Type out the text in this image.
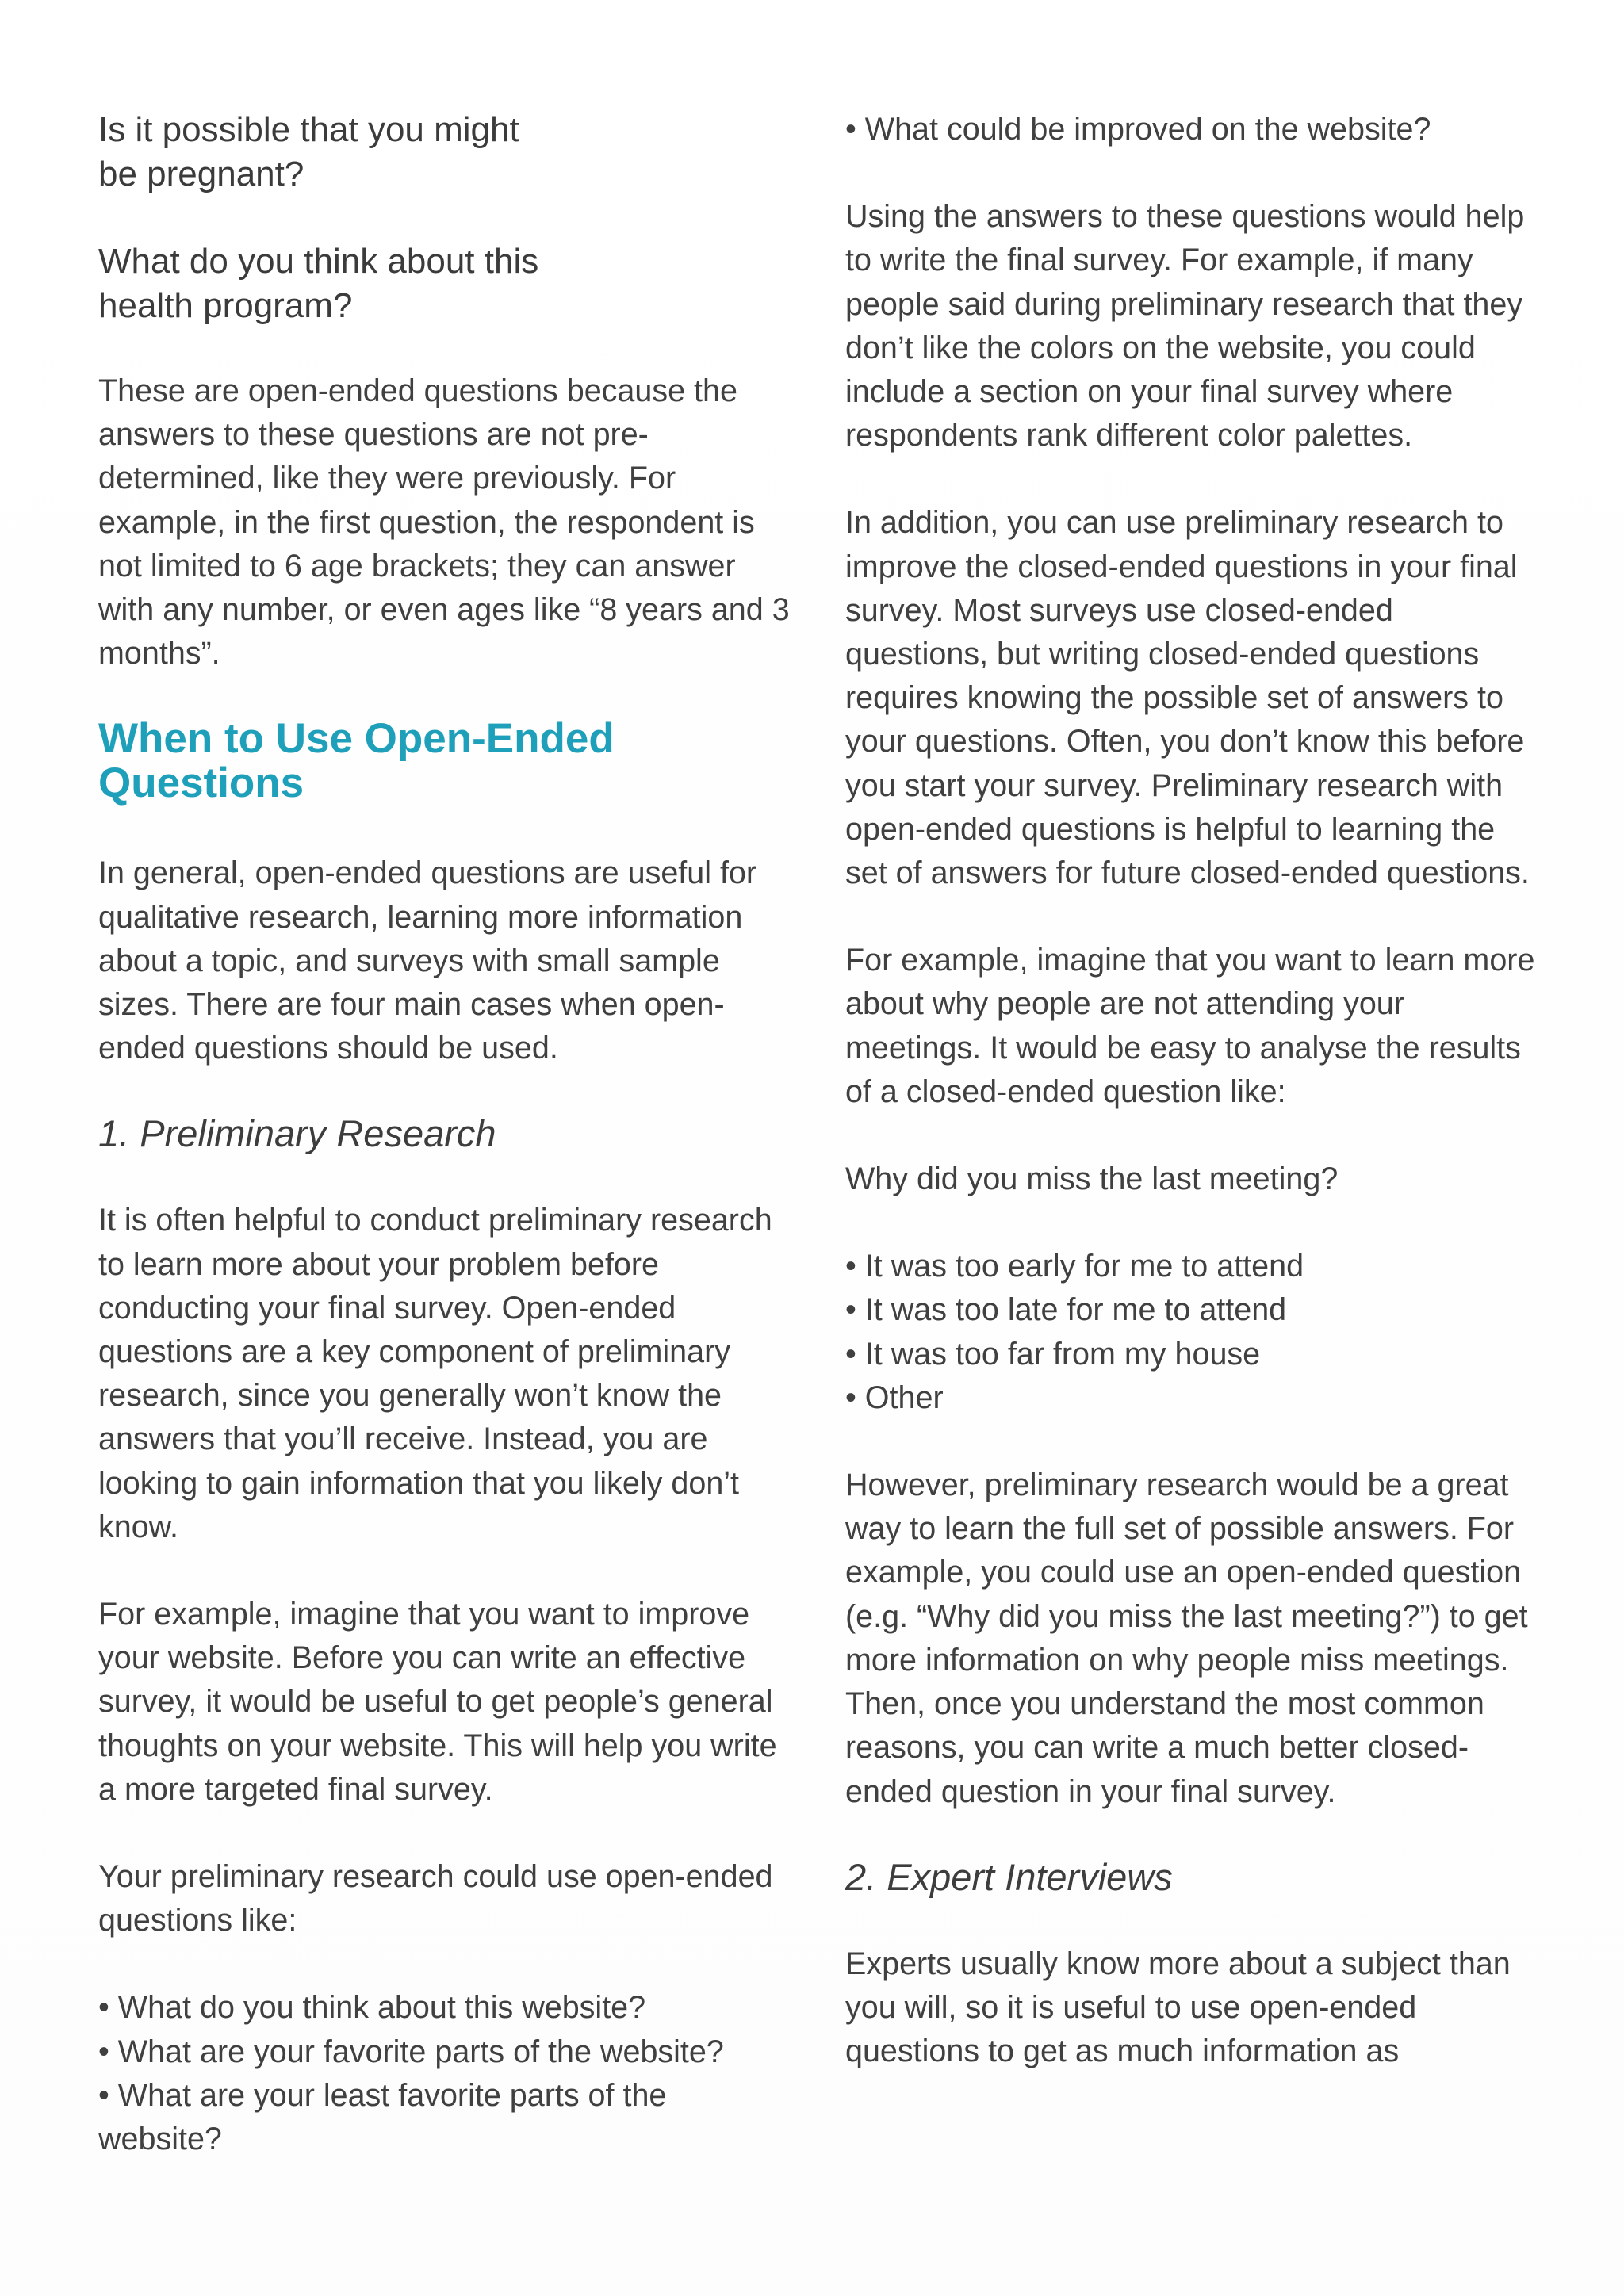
Is it possible that you might
be pregnant?
What do you think about this
health program?

These are open-ended questions because the answers to these questions are not pre-determined, like they were previously. For example, in the first question, the respondent is not limited to 6 age brackets; they can answer with any number, or even ages like “8 years and 3 months”.

When to Use Open-Ended Questions

In general, open-ended questions are useful for qualitative research, learning more information about a topic, and surveys with small sample sizes. There are four main cases when open-ended questions should be used.

1. Preliminary Research

It is often helpful to conduct preliminary research to learn more about your problem before conducting your final survey. Open-ended questions are a key component of preliminary research, since you generally won’t know the answers that you’ll receive. Instead, you are looking to gain information that you likely don’t know.

For example, imagine that you want to improve your website. Before you can write an effective survey, it would be useful to get people’s general thoughts on your website. This will help you write a more targeted final survey.

Your preliminary research could use open-ended questions like:

• What do you think about this website?
• What are your favorite parts of the website?
• What are your least favorite parts of the website?
• What could be improved on the website?

Using the answers to these questions would help to write the final survey. For example, if many people said during preliminary research that they don’t like the colors on the website, you could include a section on your final survey where respondents rank different color palettes.

In addition, you can use preliminary research to improve the closed-ended questions in your final survey. Most surveys use closed-ended questions, but writing closed-ended questions requires knowing the possible set of answers to your questions. Often, you don’t know this before you start your survey. Preliminary research with open-ended questions is helpful to learning the set of answers for future closed-ended questions.

For example, imagine that you want to learn more about why people are not attending your meetings. It would be easy to analyse the results of a closed-ended question like:

Why did you miss the last meeting?

• It was too early for me to attend
• It was too late for me to attend
• It was too far from my house
• Other

However, preliminary research would be a great way to learn the full set of possible answers. For example, you could use an open-ended question (e.g. “Why did you miss the last meeting?”) to get more information on why people miss meetings. Then, once you understand the most common reasons, you can write a much better closed-ended question in your final survey.

2. Expert Interviews

Experts usually know more about a subject than you will, so it is useful to use open-ended questions to get as much information as
